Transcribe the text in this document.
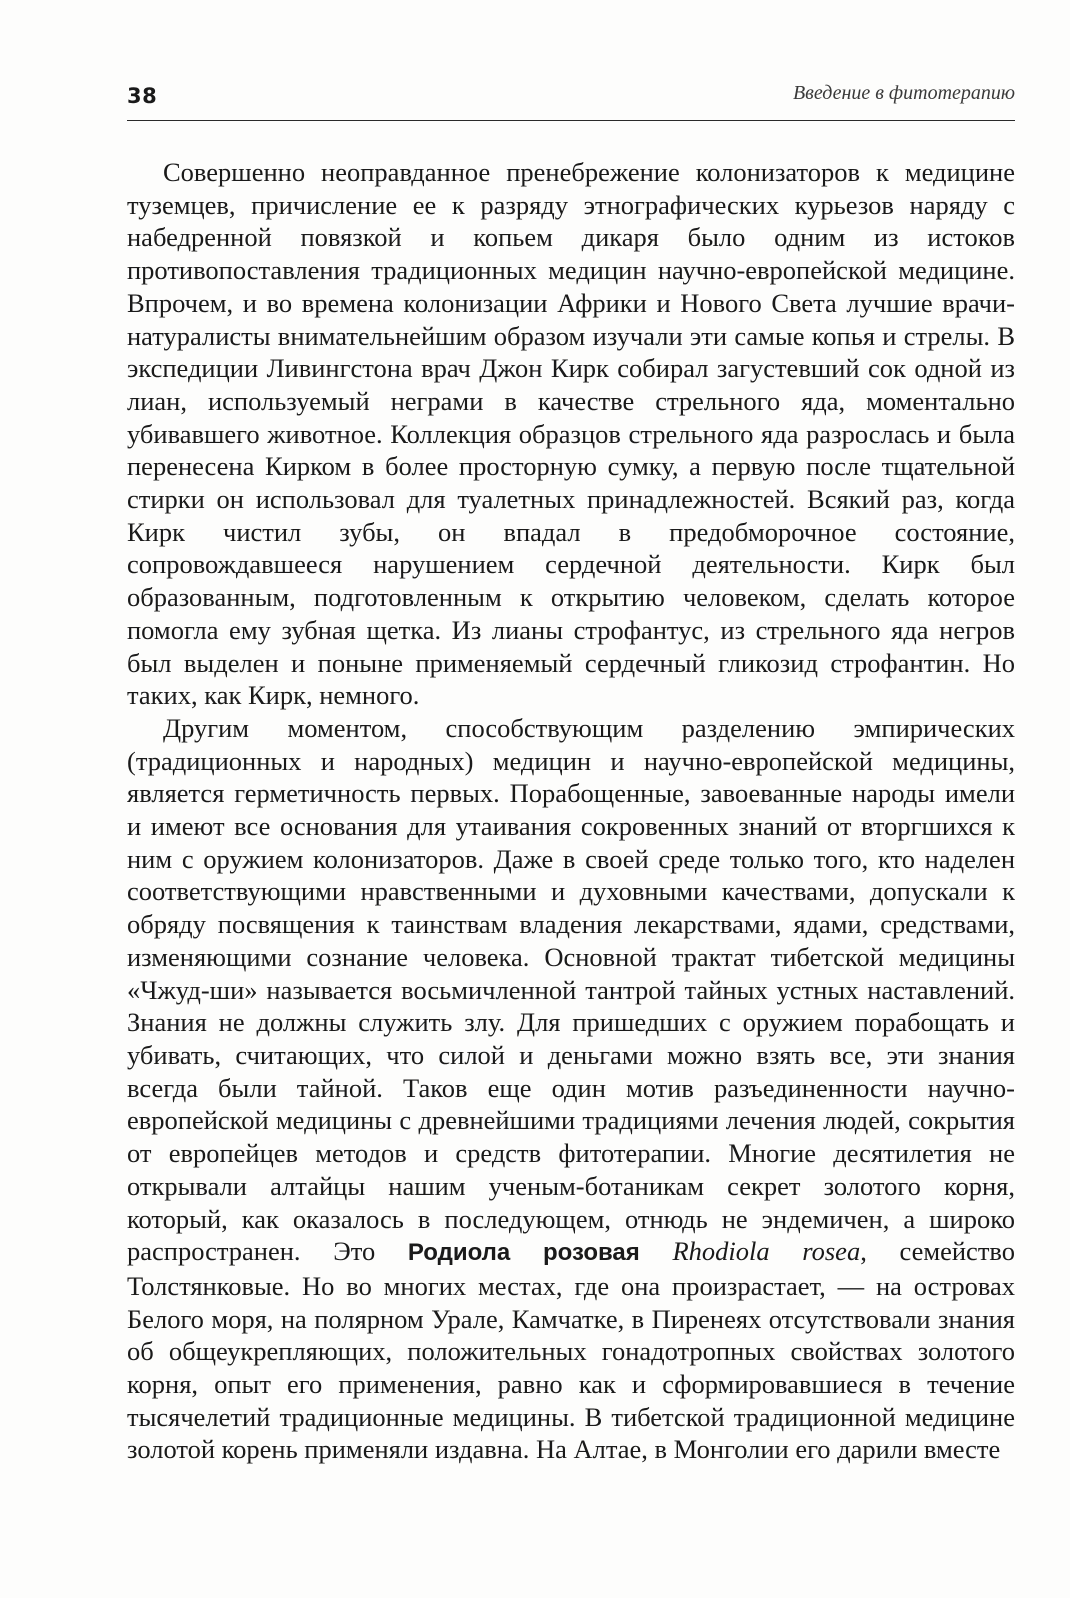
38	Введение в фитотерапию

Совершенно неоправданное пренебрежение колонизаторов к медицине туземцев, причисление ее к разряду этнографических курьезов наряду с набедренной повязкой и копьем дикаря было одним из истоков противопоставления традиционных медицин научно-европейской медицине. Впрочем, и во времена колонизации Африки и Нового Света лучшие врачи-натуралисты внимательнейшим образом изучали эти самые копья и стрелы. В экспедиции Ливингстона врач Джон Кирк собирал загустевший сок одной из лиан, используемый неграми в качестве стрельного яда, моментально убивавшего животное. Коллекция образцов стрельного яда разрослась и была перенесена Кирком в более просторную сумку, а первую после тщательной стирки он использовал для туалетных принадлежностей. Всякий раз, когда Кирк чистил зубы, он впадал в предобморочное состояние, сопровождавшееся нарушением сердечной деятельности. Кирк был образованным, подготовленным к открытию человеком, сделать которое помогла ему зубная щетка. Из лианы строфантус, из стрельного яда негров был выделен и поныне применяемый сердечный гликозид строфантин. Но таких, как Кирк, немного.

Другим моментом, способствующим разделению эмпирических (традиционных и народных) медицин и научно-европейской медицины, является герметичность первых. Порабощенные, завоеванные народы имели и имеют все основания для утаивания сокровенных знаний от вторгшихся к ним с оружием колонизаторов. Даже в своей среде только того, кто наделен соответствующими нравственными и духовными качествами, допускали к обряду посвящения к таинствам владения лекарствами, ядами, средствами, изменяющими сознание человека. Основной трактат тибетской медицины «Чжуд-ши» называется восьмичленной тантрой тайных устных наставлений. Знания не должны служить злу. Для пришедших с оружием порабощать и убивать, считающих, что силой и деньгами можно взять все, эти знания всегда были тайной. Таков еще один мотив разъединенности научно-европейской медицины с древнейшими традициями лечения людей, сокрытия от европейцев методов и средств фитотерапии. Многие десятилетия не открывали алтайцы нашим ученым-ботаникам секрет золотого корня, который, как оказалось в последующем, отнюдь не эндемичен, а широко распространен. Это Родиола розовая Rhodiola rosea, семейство Толстянковые. Но во многих местах, где она произрастает, — на островах Белого моря, на полярном Урале, Камчатке, в Пиренеях отсутствовали знания об общеукрепляющих, положительных гонадотропных свойствах золотого корня, опыт его применения, равно как и сформировавшиеся в течение тысячелетий традиционные медицины. В тибетской традиционной медицине золотой корень применяли издавна. На Алтае, в Монголии его дарили вместе
